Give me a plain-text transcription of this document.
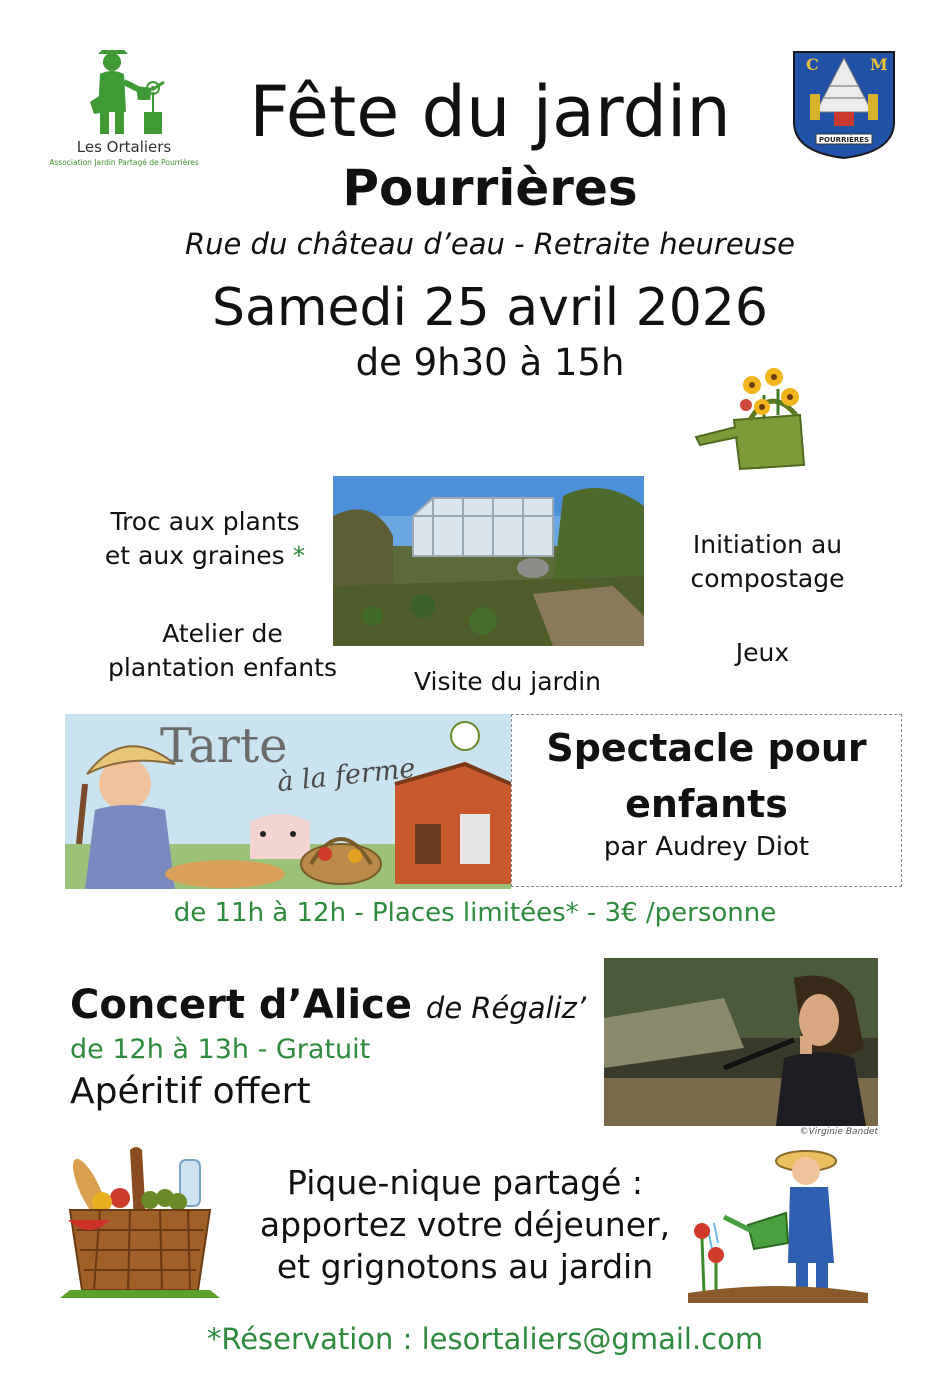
Les Ortaliers
Association Jardin Partagé de Pourrières
C	M
POURRIÈRES
Fête du jardin
Pourrières
Rue du château d’eau - Retraite heureuse
Samedi 25 avril 2026
de 9h30 à 15h
Troc aux plants
et aux graines *
Atelier de
plantation enfants	Visite du jardin
Initiation au
compostage
Jeux
Tarte
à la ferme
Spectacle pour
enfants
par Audrey Diot
de 11h à 12h - Places limitées* - 3€ /personne
Concert d’Alice de Régaliz’
de 12h à 13h - Gratuit
Apéritif offert
©Virginie Bandet
Pique-nique partagé :
apportez votre déjeuner,
et grignotons au jardin
*Réservation : lesortaliers@gmail.com
